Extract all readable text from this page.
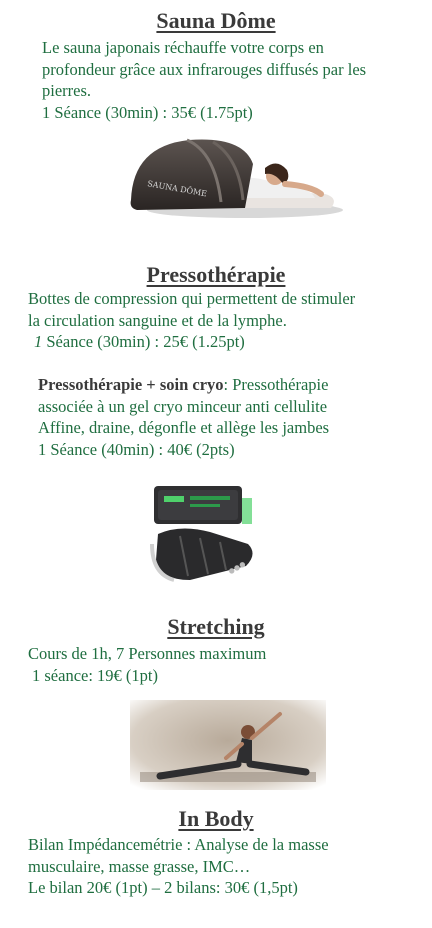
Sauna Dôme

Le sauna japonais réchauffe votre corps en
profondeur grâce aux infrarouges diffusés par les
pierres.
1 Séance (30min) : 35€ (1.75pt)

SAUNA DÔME
Pressothérapie

Bottes de compression qui permettent de stimuler
la circulation sanguine et de la lymphe.
1 Séance (30min) : 25€ (1.25pt)

Pressothérapie + soin cryo: Pressothérapie
associée à un gel cryo minceur anti cellulite
Affine, draine, dégonfle et allège les jambes
1 Séance (40min) : 40€ (2pts)

●●●
Stretching

Cours de 1h, 7 Personnes maximum
1 séance: 19€ (1pt)

In Body

Bilan Impédancemétrie : Analyse de la masse
musculaire, masse grasse, IMC…
Le bilan 20€ (1pt) – 2 bilans: 30€ (1,5pt)
